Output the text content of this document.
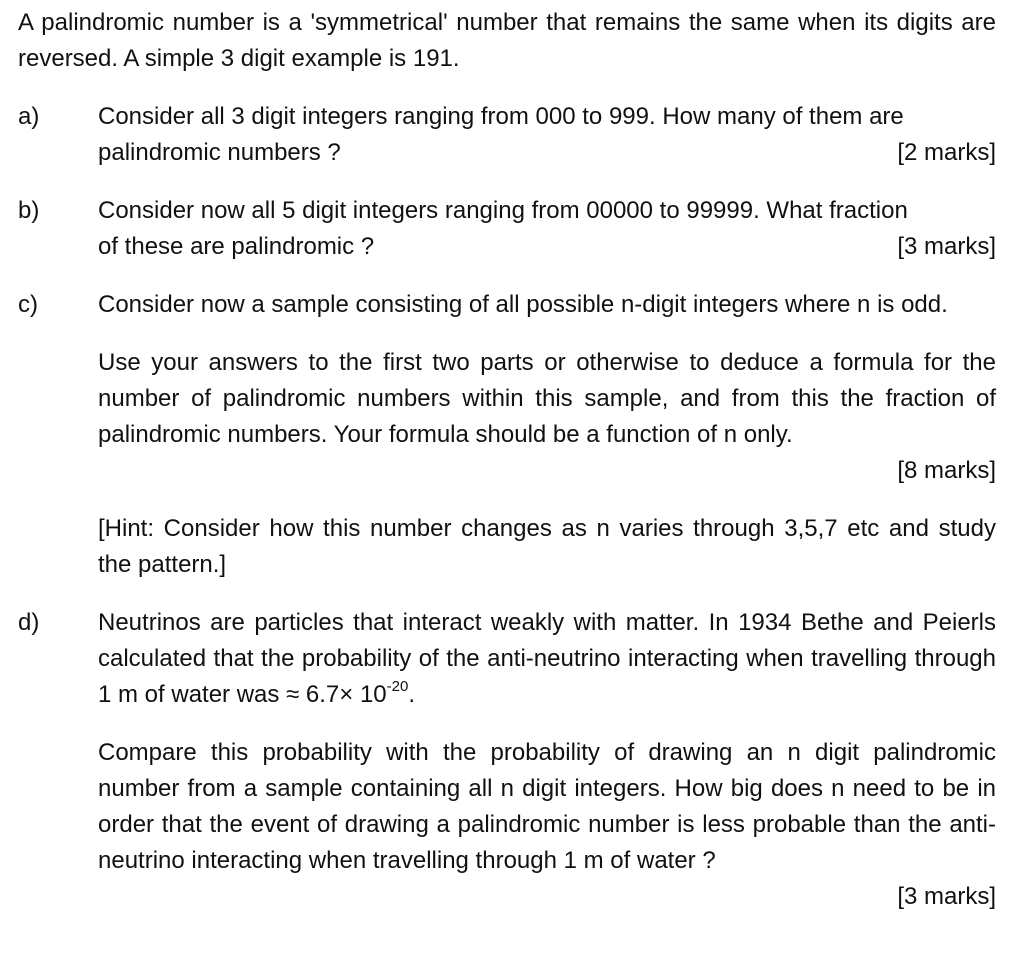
A palindromic number is a 'symmetrical' number that remains the same when its digits are reversed. A simple 3 digit example is 191.

a)	Consider all 3 digit integers ranging from 000 to 999. How many of them are
palindromic numbers ?	[2 marks]
b)	Consider now all 5 digit integers ranging from 00000 to 99999. What fraction
of these are palindromic ?	[3 marks]
c)	Consider now a sample consisting of all possible n-digit integers where n is odd.

Use your answers to the first two parts or otherwise to deduce a formula for the number of palindromic numbers within this sample, and from this the fraction of palindromic numbers. Your formula should be a function of n only.
[8 marks]

[Hint: Consider how this number changes as n varies through 3,5,7 etc and study the pattern.]

d)	Neutrinos are particles that interact weakly with matter. In 1934 Bethe and Peierls calculated that the probability of the anti-neutrino interacting when travelling through 1 m of water was ≈ $6.7\times 10^{-20}$.

Compare this probability with the probability of drawing an n digit palindromic number from a sample containing all n digit integers. How big does n need to be in order that the event of drawing a palindromic number is less probable than the anti-neutrino interacting when travelling through 1 m of water ?
[3 marks]
